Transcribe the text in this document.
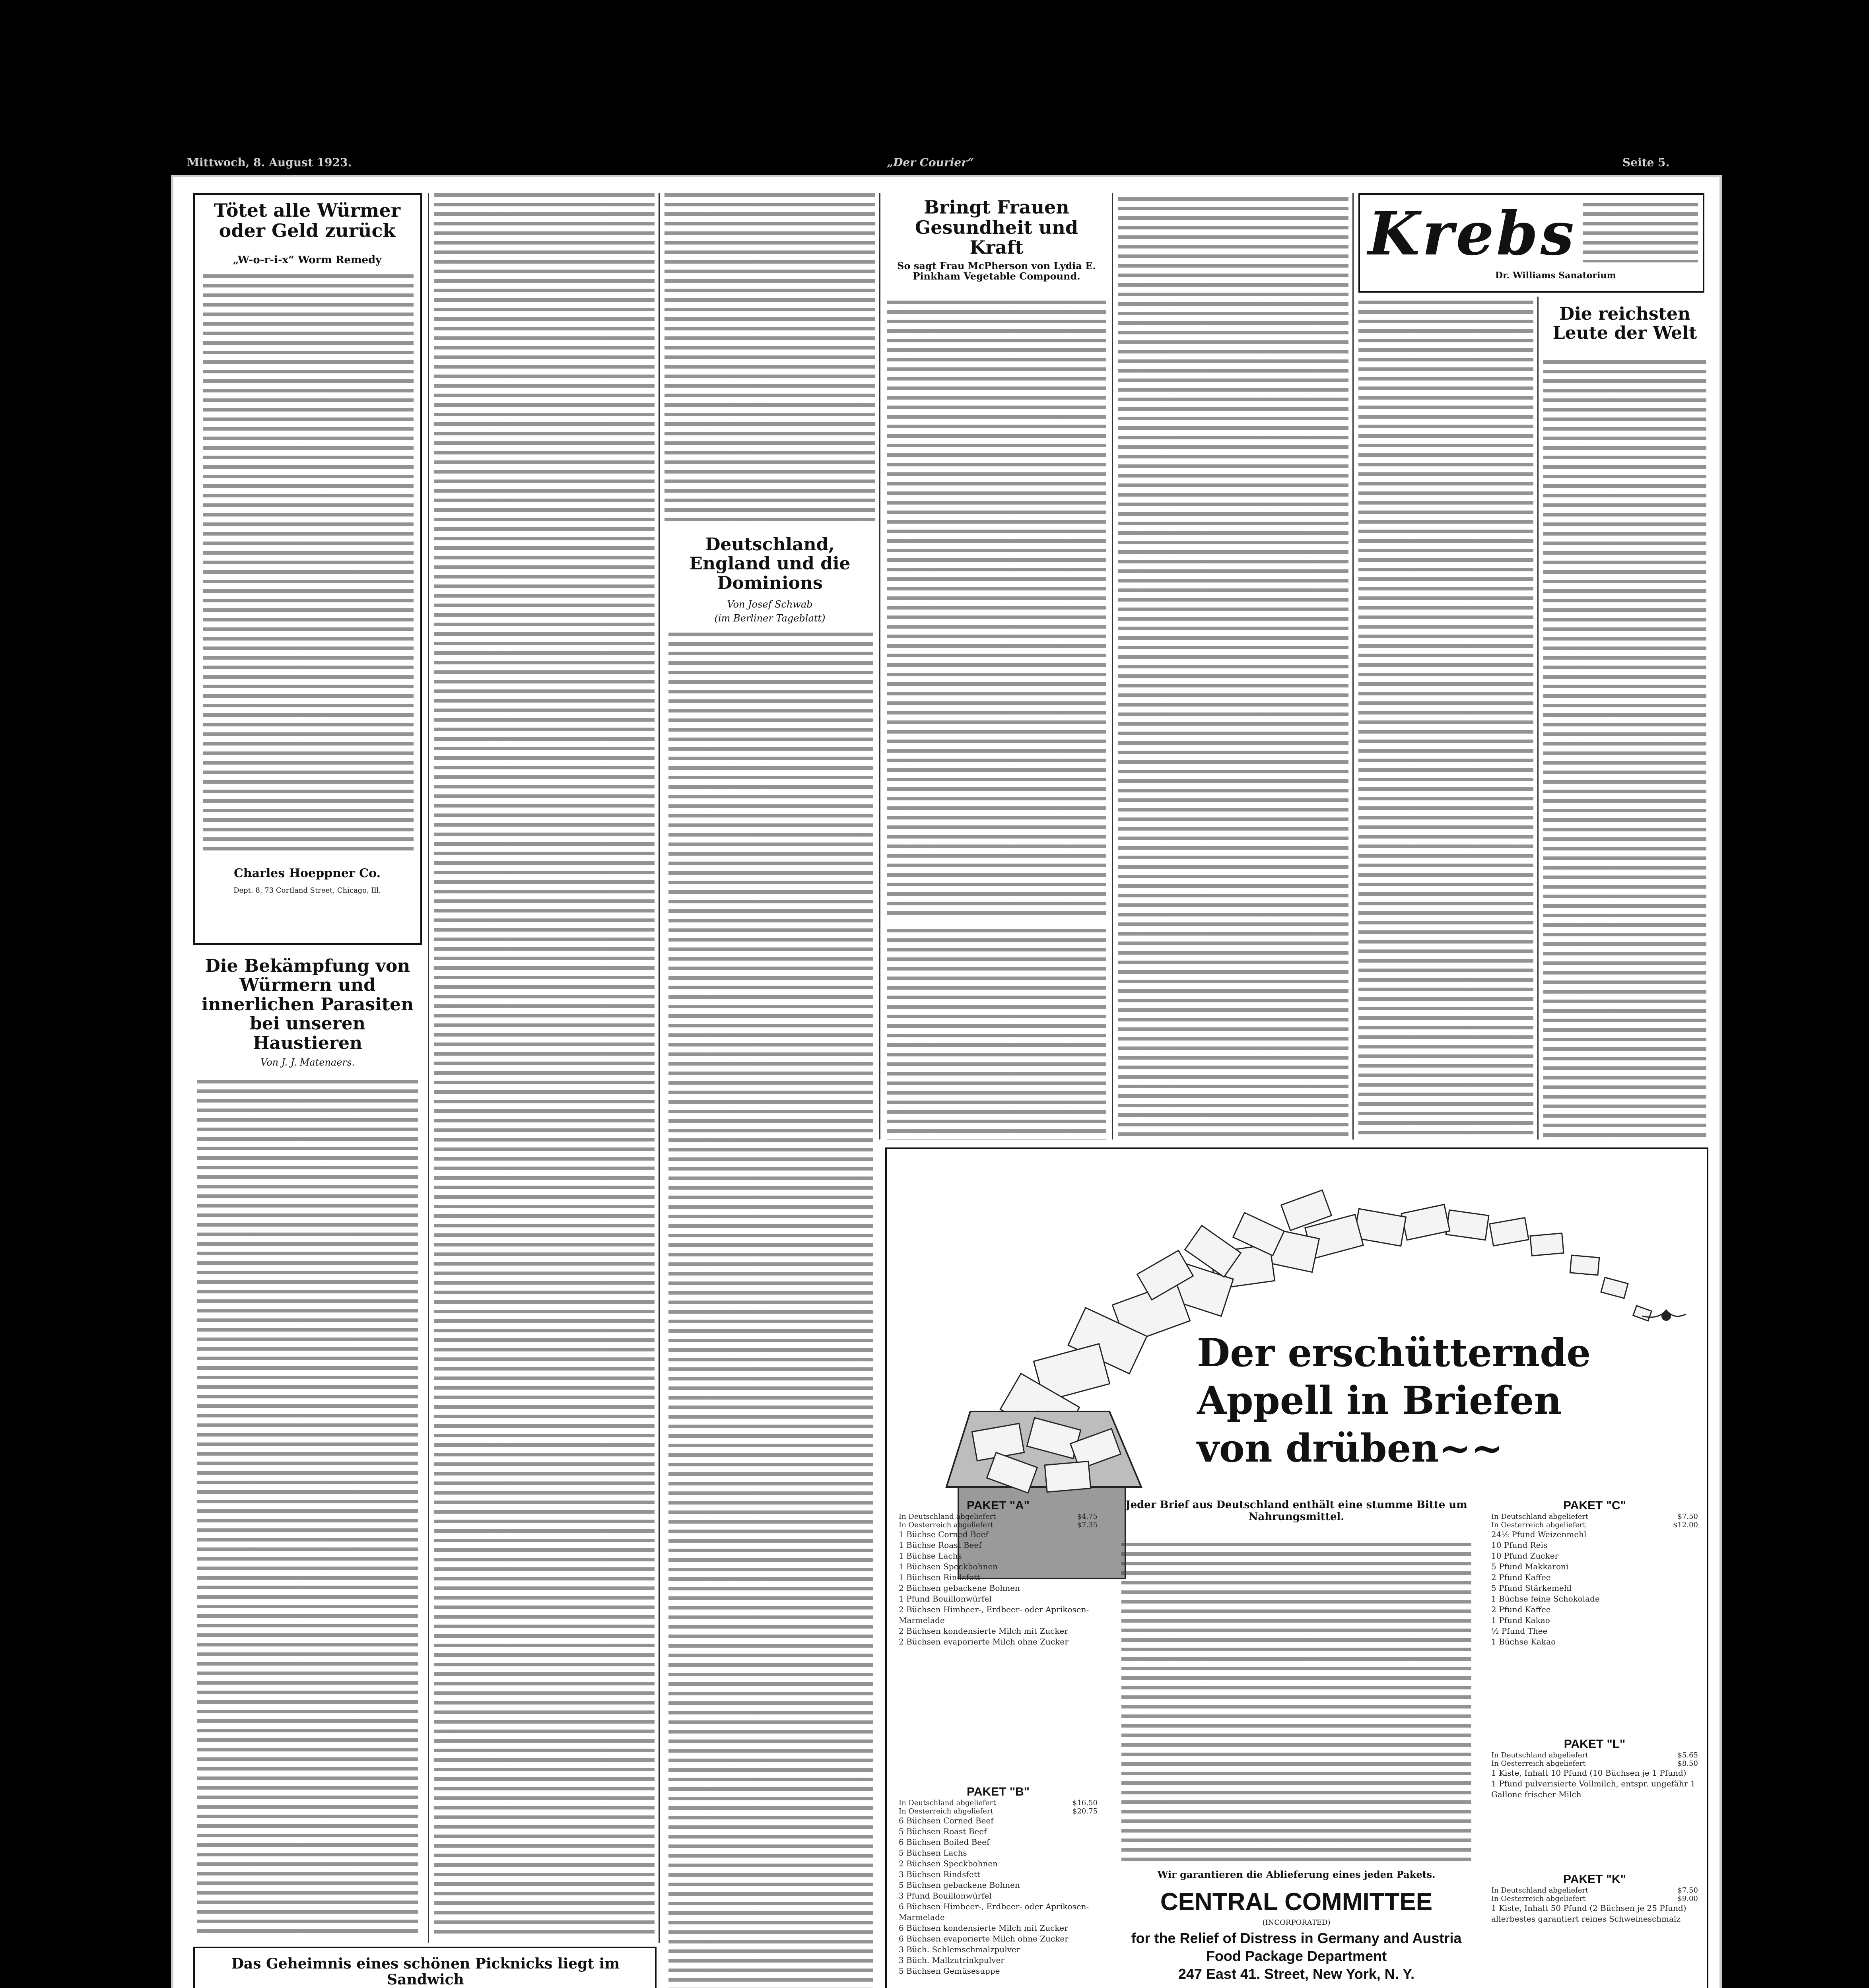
Mittwoch, 8. August 1923.	„Der Courier“	Seite 5.
Tötet alle Würmer oder Geld zurück
„W-o-r-i-x“ Worm Remedy
Charles Hoeppner Co.
Dept. 8, 73 Cortland Street, Chicago, Ill.
Die Bekämpfung von Würmern und innerlichen Parasiten bei unseren Haustieren
Von J. J. Matenaers.
Deutschland, England und die Dominions
Von Josef Schwab
(im Berliner Tageblatt)
Das Geheimnis eines schönen Picknicks liegt im Sandwich
Bringt Frauen Gesundheit und Kraft
So sagt Frau McPherson von Lydia E. Pinkham Vegetable Compound.
Krebs
Dr. Williams Sanatorium
Die reichsten Leute der Welt
Der erschütternde
Appell in Briefen
von drüben~~
PAKET "A"
In Deutschland abgeliefert	$4.75
In Oesterreich abgeliefert	$7.35
1 Büchse Corned Beef
1 Büchse Roast Beef
1 Büchse Lachs
1 Büchsen Speckbohnen
1 Büchsen Rindsfett
2 Büchsen gebackene Bohnen
1 Pfund Bouillonwürfel
2 Büchsen Himbeer-, Erdbeer- oder Aprikosen-Marmelade
2 Büchsen kondensierte Milch mit Zucker
2 Büchsen evaporierte Milch ohne Zucker
PAKET "B"
In Deutschland abgeliefert	$16.50
In Oesterreich abgeliefert	$20.75
6 Büchsen Corned Beef
5 Büchsen Roast Beef
6 Büchsen Boiled Beef
5 Büchsen Lachs
2 Büchsen Speckbohnen
3 Büchsen Rindsfett
5 Büchsen gebackene Bohnen
3 Pfund Bouillonwürfel
6 Büchsen Himbeer-, Erdbeer- oder Aprikosen-Marmelade
6 Büchsen kondensierte Milch mit Zucker
6 Büchsen evaporierte Milch ohne Zucker
3 Büch. Schlemschmalzpulver
3 Büch. Mallzutrinkpulver
5 Büchsen Gemüsesuppe
Jeder Brief aus Deutschland enthält eine stumme Bitte um Nahrungsmittel.
Wir garantieren die Ablieferung eines jeden Pakets.
CENTRAL COMMITTEE
(INCORPORATED)
for the Relief of Distress in Germany and Austria
Food Package Department
247 East 41. Street, New York, N. Y.
PAKET "C"
In Deutschland abgeliefert	$7.50
In Oesterreich abgeliefert	$12.00
24½ Pfund Weizenmehl
10 Pfund Reis
10 Pfund Zucker
5 Pfund Makkaroni
2 Pfund Kaffee
5 Pfund Stärkemehl
1 Büchse feine Schokolade
2 Pfund Kaffee
1 Pfund Kakao
½ Pfund Thee
1 Büchse Kakao
PAKET "L"
In Deutschland abgeliefert	$5.65
In Oesterreich abgeliefert	$8.50
1 Kiste, Inhalt 10 Pfund (10 Büchsen je 1 Pfund)
1 Pfund pulverisierte Vollmilch, entspr. ungefähr 1 Gallone frischer Milch
PAKET "K"
In Deutschland abgeliefert	$7.50
In Oesterreich abgeliefert	$9.00
1 Kiste, Inhalt 50 Pfund (2 Büchsen je 25 Pfund) allerbestes garantiert reines Schweineschmalz
